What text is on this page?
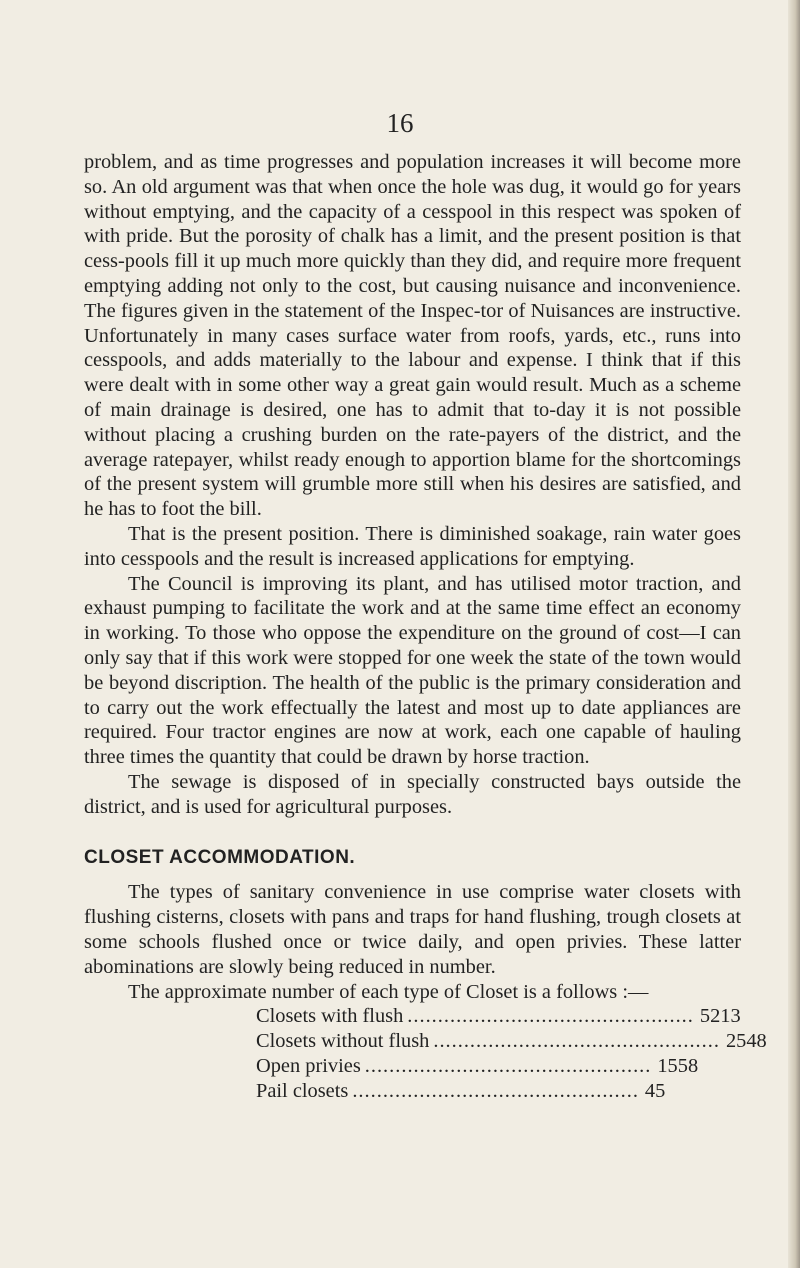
16

problem, and as time progresses and population increases it will become more so. An old argument was that when once the hole was dug, it would go for years without emptying, and the capacity of a cesspool in this respect was spoken of with pride. But the porosity of chalk has a limit, and the present position is that cess-pools fill it up much more quickly than they did, and require more frequent emptying adding not only to the cost, but causing nuisance and inconvenience. The figures given in the statement of the Inspec-tor of Nuisances are instructive. Unfortunately in many cases surface water from roofs, yards, etc., runs into cesspools, and adds materially to the labour and expense. I think that if this were dealt with in some other way a great gain would result. Much as a scheme of main drainage is desired, one has to admit that to-day it is not possible without placing a crushing burden on the rate-payers of the district, and the average ratepayer, whilst ready enough to apportion blame for the shortcomings of the present system will grumble more still when his desires are satisfied, and he has to foot the bill.

That is the present position. There is diminished soakage, rain water goes into cesspools and the result is increased applications for emptying.

The Council is improving its plant, and has utilised motor traction, and exhaust pumping to facilitate the work and at the same time effect an economy in working. To those who oppose the expenditure on the ground of cost—I can only say that if this work were stopped for one week the state of the town would be beyond discription. The health of the public is the primary consideration and to carry out the work effectually the latest and most up to date appliances are required. Four tractor engines are now at work, each one capable of hauling three times the quantity that could be drawn by horse traction.

The sewage is disposed of in specially constructed bays outside the district, and is used for agricultural purposes.

CLOSET ACCOMMODATION.

The types of sanitary convenience in use comprise water closets with flushing cisterns, closets with pans and traps for hand flushing, trough closets at some schools flushed once or twice daily, and open privies. These latter abominations are slowly being reduced in number.

The approximate number of each type of Closet is a follows :—

Closets with flush ............................................... 5213
Closets without flush ............................................... 2548
Open privies ............................................... 1558
Pail closets ............................................... 45
